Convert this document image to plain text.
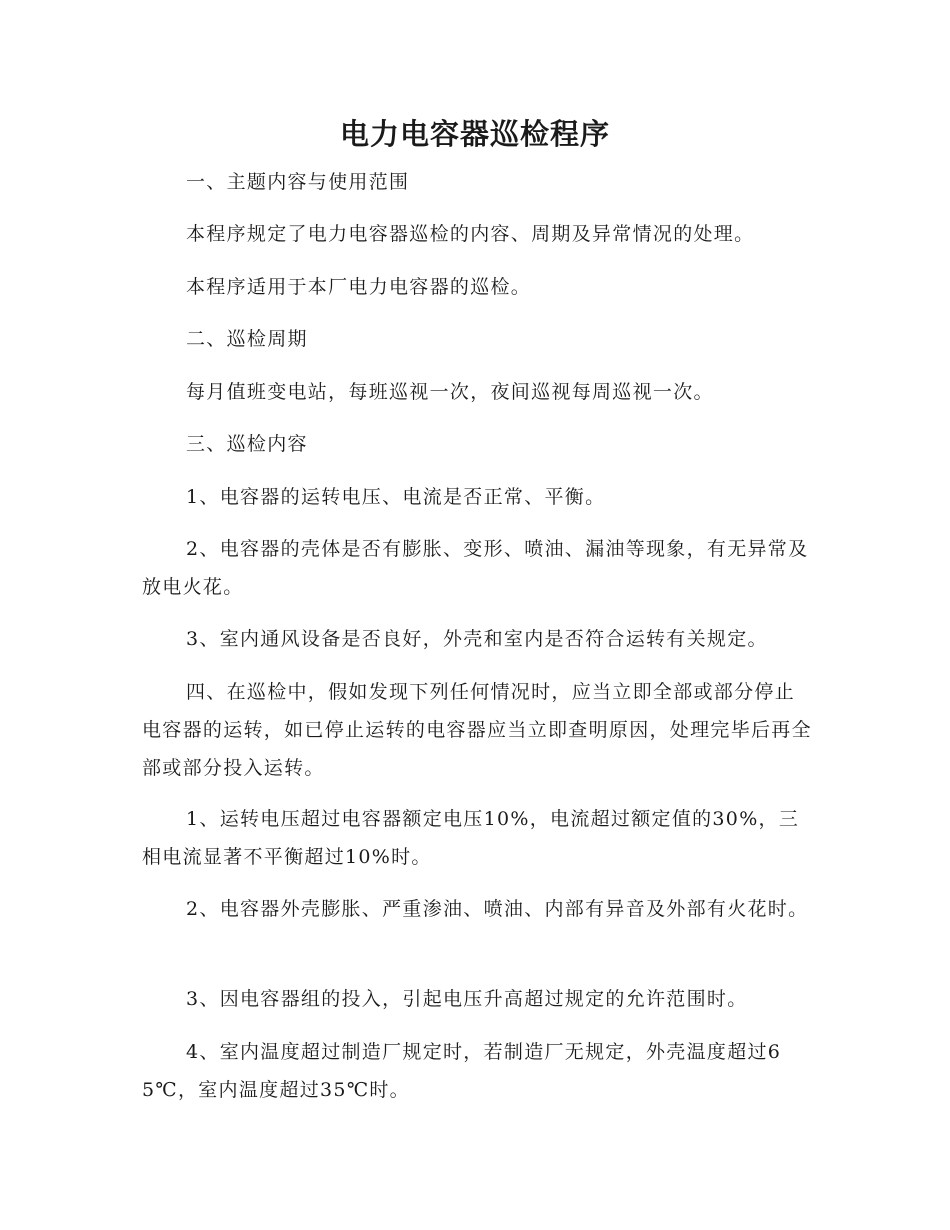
电力电容器巡检程序

一、主题内容与使用范围

本程序规定了电力电容器巡检的内容、周期及异常情况的处理。

本程序适用于本厂电力电容器的巡检。

二、巡检周期

每月值班变电站，每班巡视一次，夜间巡视每周巡视一次。

三、巡检内容

1、电容器的运转电压、电流是否正常、平衡。

2、电容器的壳体是否有膨胀、变形、喷油、漏油等现象，有无异常及放电火花。

3、室内通风设备是否良好，外壳和室内是否符合运转有关规定。

四、在巡检中，假如发现下列任何情况时，应当立即全部或部分停止电容器的运转，如已停止运转的电容器应当立即查明原因，处理完毕后再全部或部分投入运转。

1、运转电压超过电容器额定电压10%，电流超过额定值的30%，三相电流显著不平衡超过10%时。

2、电容器外壳膨胀、严重渗油、喷油、内部有异音及外部有火花时。

3、因电容器组的投入，引起电压升高超过规定的允许范围时。

4、室内温度超过制造厂规定时，若制造厂无规定，外壳温度超过65℃，室内温度超过35℃时。
